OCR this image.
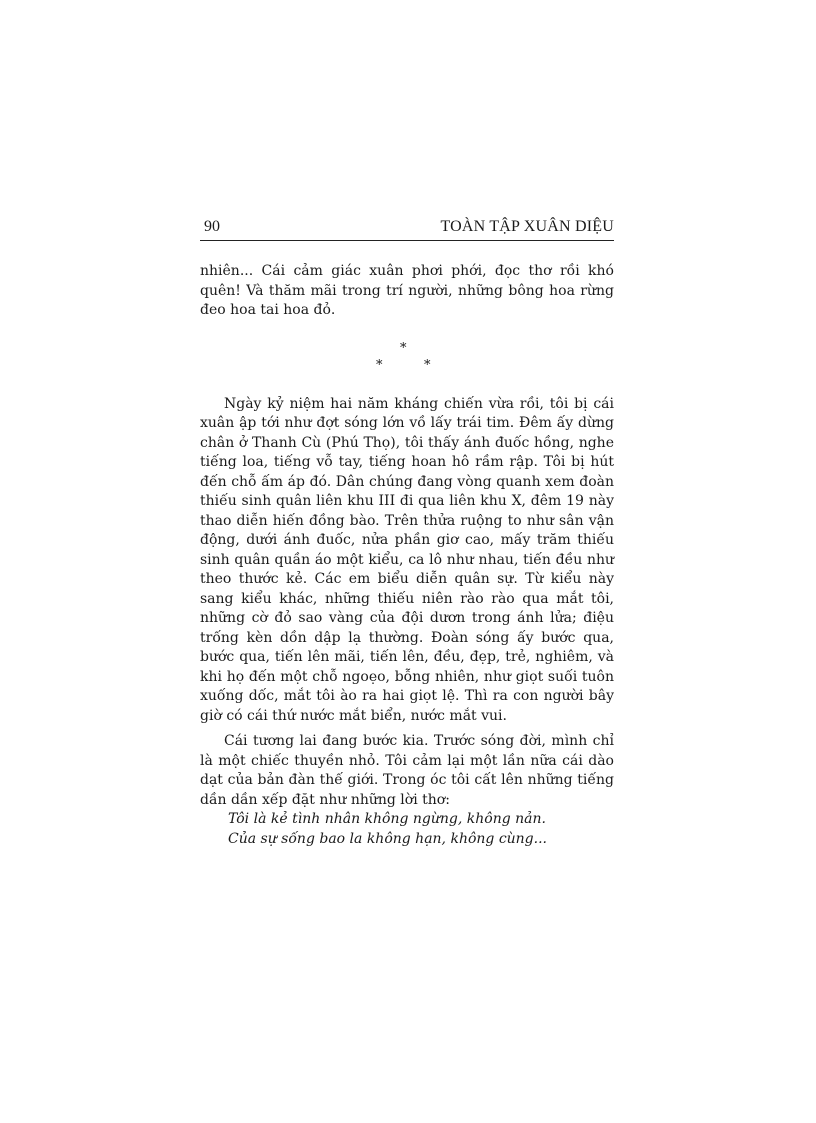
90	TOÀN TẬP XUÂN DIỆU

nhiên... Cái cảm giác xuân phơi phới, đọc thơ rồi khó quên! Và thăm mãi trong trí người, những bông hoa rừng đeo hoa tai hoa đỏ.

*
*	*

Ngày kỷ niệm hai năm kháng chiến vừa rồi, tôi bị cái xuân ập tới như đợt sóng lớn vồ lấy trái tim. Đêm ấy dừng chân ở Thanh Cù (Phú Thọ), tôi thấy ánh đuốc hồng, nghe tiếng loa, tiếng vỗ tay, tiếng hoan hô rầm rập. Tôi bị hút đến chỗ ấm áp đó. Dân chúng đang vòng quanh xem đoàn thiếu sinh quân liên khu III đi qua liên khu X, đêm 19 này thao diễn hiến đồng bào. Trên thửa ruộng to như sân vận động, dưới ánh đuốc, nửa phần giơ cao, mấy trăm thiếu sinh quân quần áo một kiểu, ca lô như nhau, tiến đều như theo thước kẻ. Các em biểu diễn quân sự. Từ kiểu này sang kiểu khác, những thiếu niên rào rào qua mắt tôi, những cờ đỏ sao vàng của đội dươn trong ánh lửa; điệu trống kèn dồn dập lạ thường. Đoàn sóng ấy bước qua, bước qua, tiến lên mãi, tiến lên, đều, đẹp, trẻ, nghiêm, và khi họ đến một chỗ ngoẹo, bỗng nhiên, như giọt suối tuôn xuống dốc, mắt tôi ào ra hai giọt lệ. Thì ra con người bây giờ có cái thứ nước mắt biển, nước mắt vui.

Cái tương lai đang bước kia. Trước sóng đời, mình chỉ là một chiếc thuyền nhỏ. Tôi cảm lại một lần nữa cái dào dạt của bản đàn thế giới. Trong óc tôi cất lên những tiếng dần dần xếp đặt như những lời thơ:

Tôi là kẻ tình nhân không ngừng, không nản.

Của sự sống bao la không hạn, không cùng...
